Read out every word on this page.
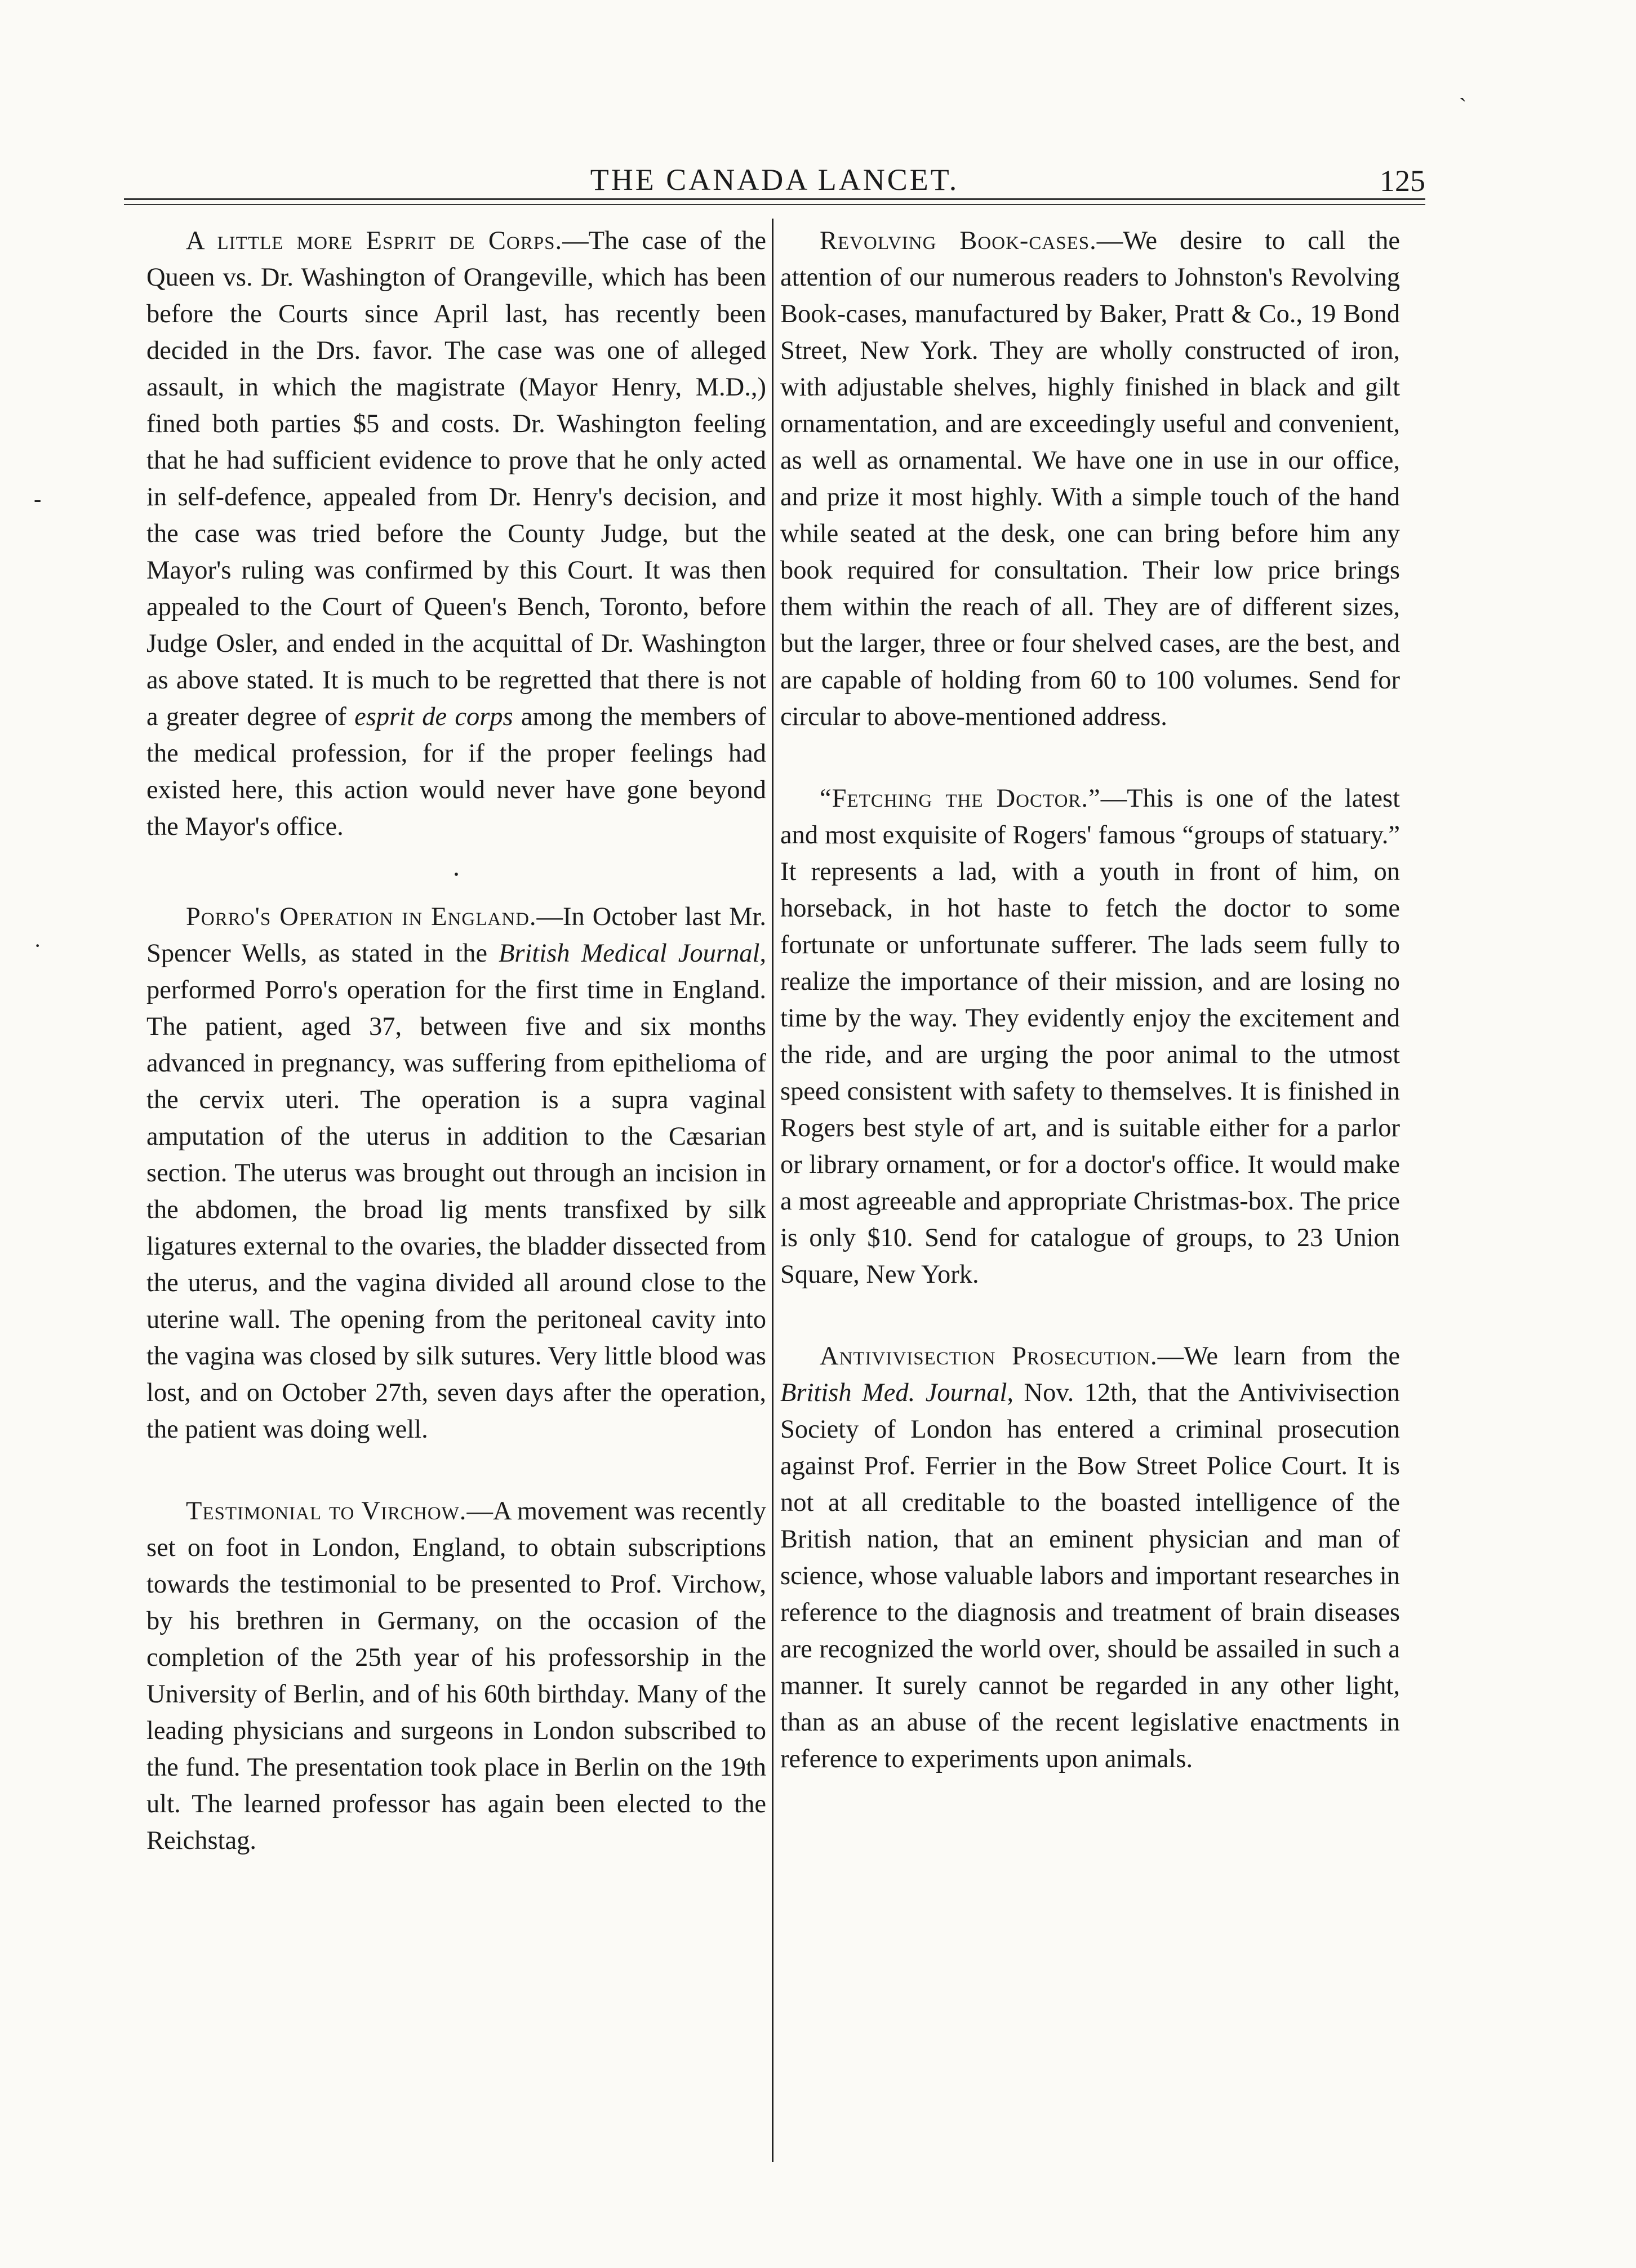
THE CANADA LANCET.	125
`
-
·

A little more Esprit de Corps.—The case of the Queen vs. Dr. Washington of Orangeville, which has been before the Courts since April last, has recently been decided in the Drs. favor. The case was one of alleged assault, in which the magistrate (Mayor Henry, M.D.,) fined both parties $5 and costs. Dr. Washington feeling that he had sufficient evidence to prove that he only acted in self-defence, appealed from Dr. Henry's decision, and the case was tried before the County Judge, but the Mayor's ruling was confirmed by this Court. It was then appealed to the Court of Queen's Bench, Toronto, before Judge Osler, and ended in the acquittal of Dr. Washington as above stated. It is much to be regretted that there is not a greater degree of esprit de corps among the members of the medical profession, for if the proper feelings had existed here, this action would never have gone beyond the Mayor's office.

•

Porro's Operation in England.—In October last Mr. Spencer Wells, as stated in the British Medical Journal, performed Porro's operation for the first time in England. The patient, aged 37, between five and six months advanced in pregnancy, was suffering from epithelioma of the cervix uteri. The operation is a supra vaginal amputation of the uterus in addition to the Cæsarian section. The uterus was brought out through an incision in the abdomen, the broad lig ments transfixed by silk ligatures external to the ovaries, the bladder dissected from the uterus, and the vagina divided all around close to the uterine wall. The opening from the peritoneal cavity into the vagina was closed by silk sutures. Very little blood was lost, and on October 27th, seven days after the operation, the patient was doing well.

Testimonial to Virchow.—A movement was recently set on foot in London, England, to obtain subscriptions towards the testimonial to be presented to Prof. Virchow, by his brethren in Germany, on the occasion of the completion of the 25th year of his professorship in the University of Berlin, and of his 60th birthday. Many of the leading physicians and surgeons in London subscribed to the fund. The presentation took place in Berlin on the 19th ult. The learned professor has again been elected to the Reichstag.

Revolving Book-cases.—We desire to call the attention of our numerous readers to Johnston's Revolving Book-cases, manufactured by Baker, Pratt & Co., 19 Bond Street, New York. They are wholly constructed of iron, with adjustable shelves, highly finished in black and gilt ornamentation, and are exceedingly useful and convenient, as well as ornamental. We have one in use in our office, and prize it most highly. With a simple touch of the hand while seated at the desk, one can bring before him any book required for consultation. Their low price brings them within the reach of all. They are of different sizes, but the larger, three or four shelved cases, are the best, and are capable of holding from 60 to 100 volumes. Send for circular to above-mentioned address.

“Fetching the Doctor.”—This is one of the latest and most exquisite of Rogers' famous “groups of statuary.” It represents a lad, with a youth in front of him, on horseback, in hot haste to fetch the doctor to some fortunate or unfortunate sufferer. The lads seem fully to realize the importance of their mission, and are losing no time by the way. They evidently enjoy the excitement and the ride, and are urging the poor animal to the utmost speed consistent with safety to themselves. It is finished in Rogers best style of art, and is suitable either for a parlor or library ornament, or for a doctor's office. It would make a most agreeable and appropriate Christmas-box. The price is only $10. Send for catalogue of groups, to 23 Union Square, New York.

Antivivisection Prosecution.—We learn from the British Med. Journal, Nov. 12th, that the Antivivisection Society of London has entered a criminal prosecution against Prof. Ferrier in the Bow Street Police Court. It is not at all creditable to the boasted intelligence of the British nation, that an eminent physician and man of science, whose valuable labors and important researches in reference to the diagnosis and treatment of brain diseases are recognized the world over, should be assailed in such a manner. It surely cannot be regarded in any other light, than as an abuse of the recent legislative enactments in reference to experiments upon animals.
